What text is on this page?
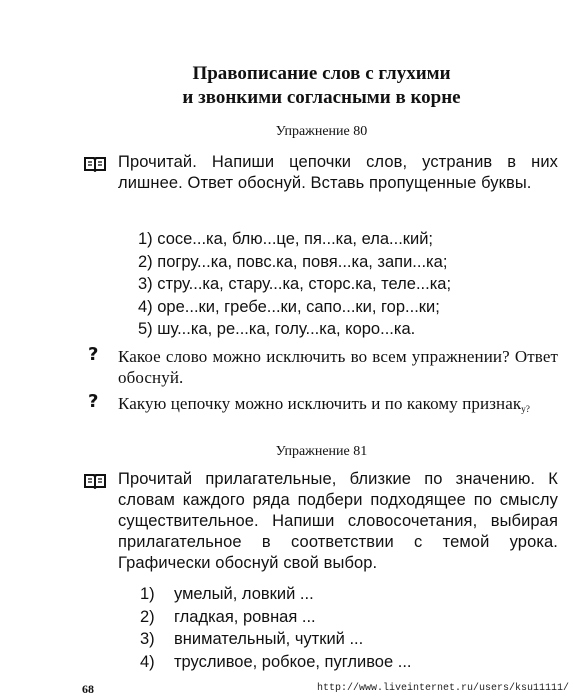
Правописание слов с глухими
и звонкими согласными в корне
Упражнение 80
Прочитай. Напиши цепочки слов, устранив в них лишнее. Ответ обоснуй. Вставь пропущенные буквы.
1) сосе...ка, блю...це, пя...ка, ела...кий;
2) погру...ка, повс.ка, повя...ка, запи...ка;
3) стру...ка, стару...ка, сторс.ка, теле...ка;
4) оре...ки, гребе...ки, сапо...ки, гор...ки;
5) шу...ка, ре...ка, голу...ка, коро...ка.
? Какое слово можно исключить во всем упражнении? Ответ обоснуй.
? Какую цепочку можно исключить и по какому признак$_{у?}$
Упражнение 81
Прочитай прилагательные, близкие по значению. К словам каждого ряда подбери подходящее по смыслу существительное. Напиши словосочетания, выбирая прилагательное в соответствии с темой урока. Графически обоснуй свой выбор.
1) умелый, ловкий ...
2) гладкая, ровная ...
3) внимательный, чуткий ...
4) трусливое, робкое, пугливое ...
68	http://www.liveinternet.ru/users/ksu11111/
